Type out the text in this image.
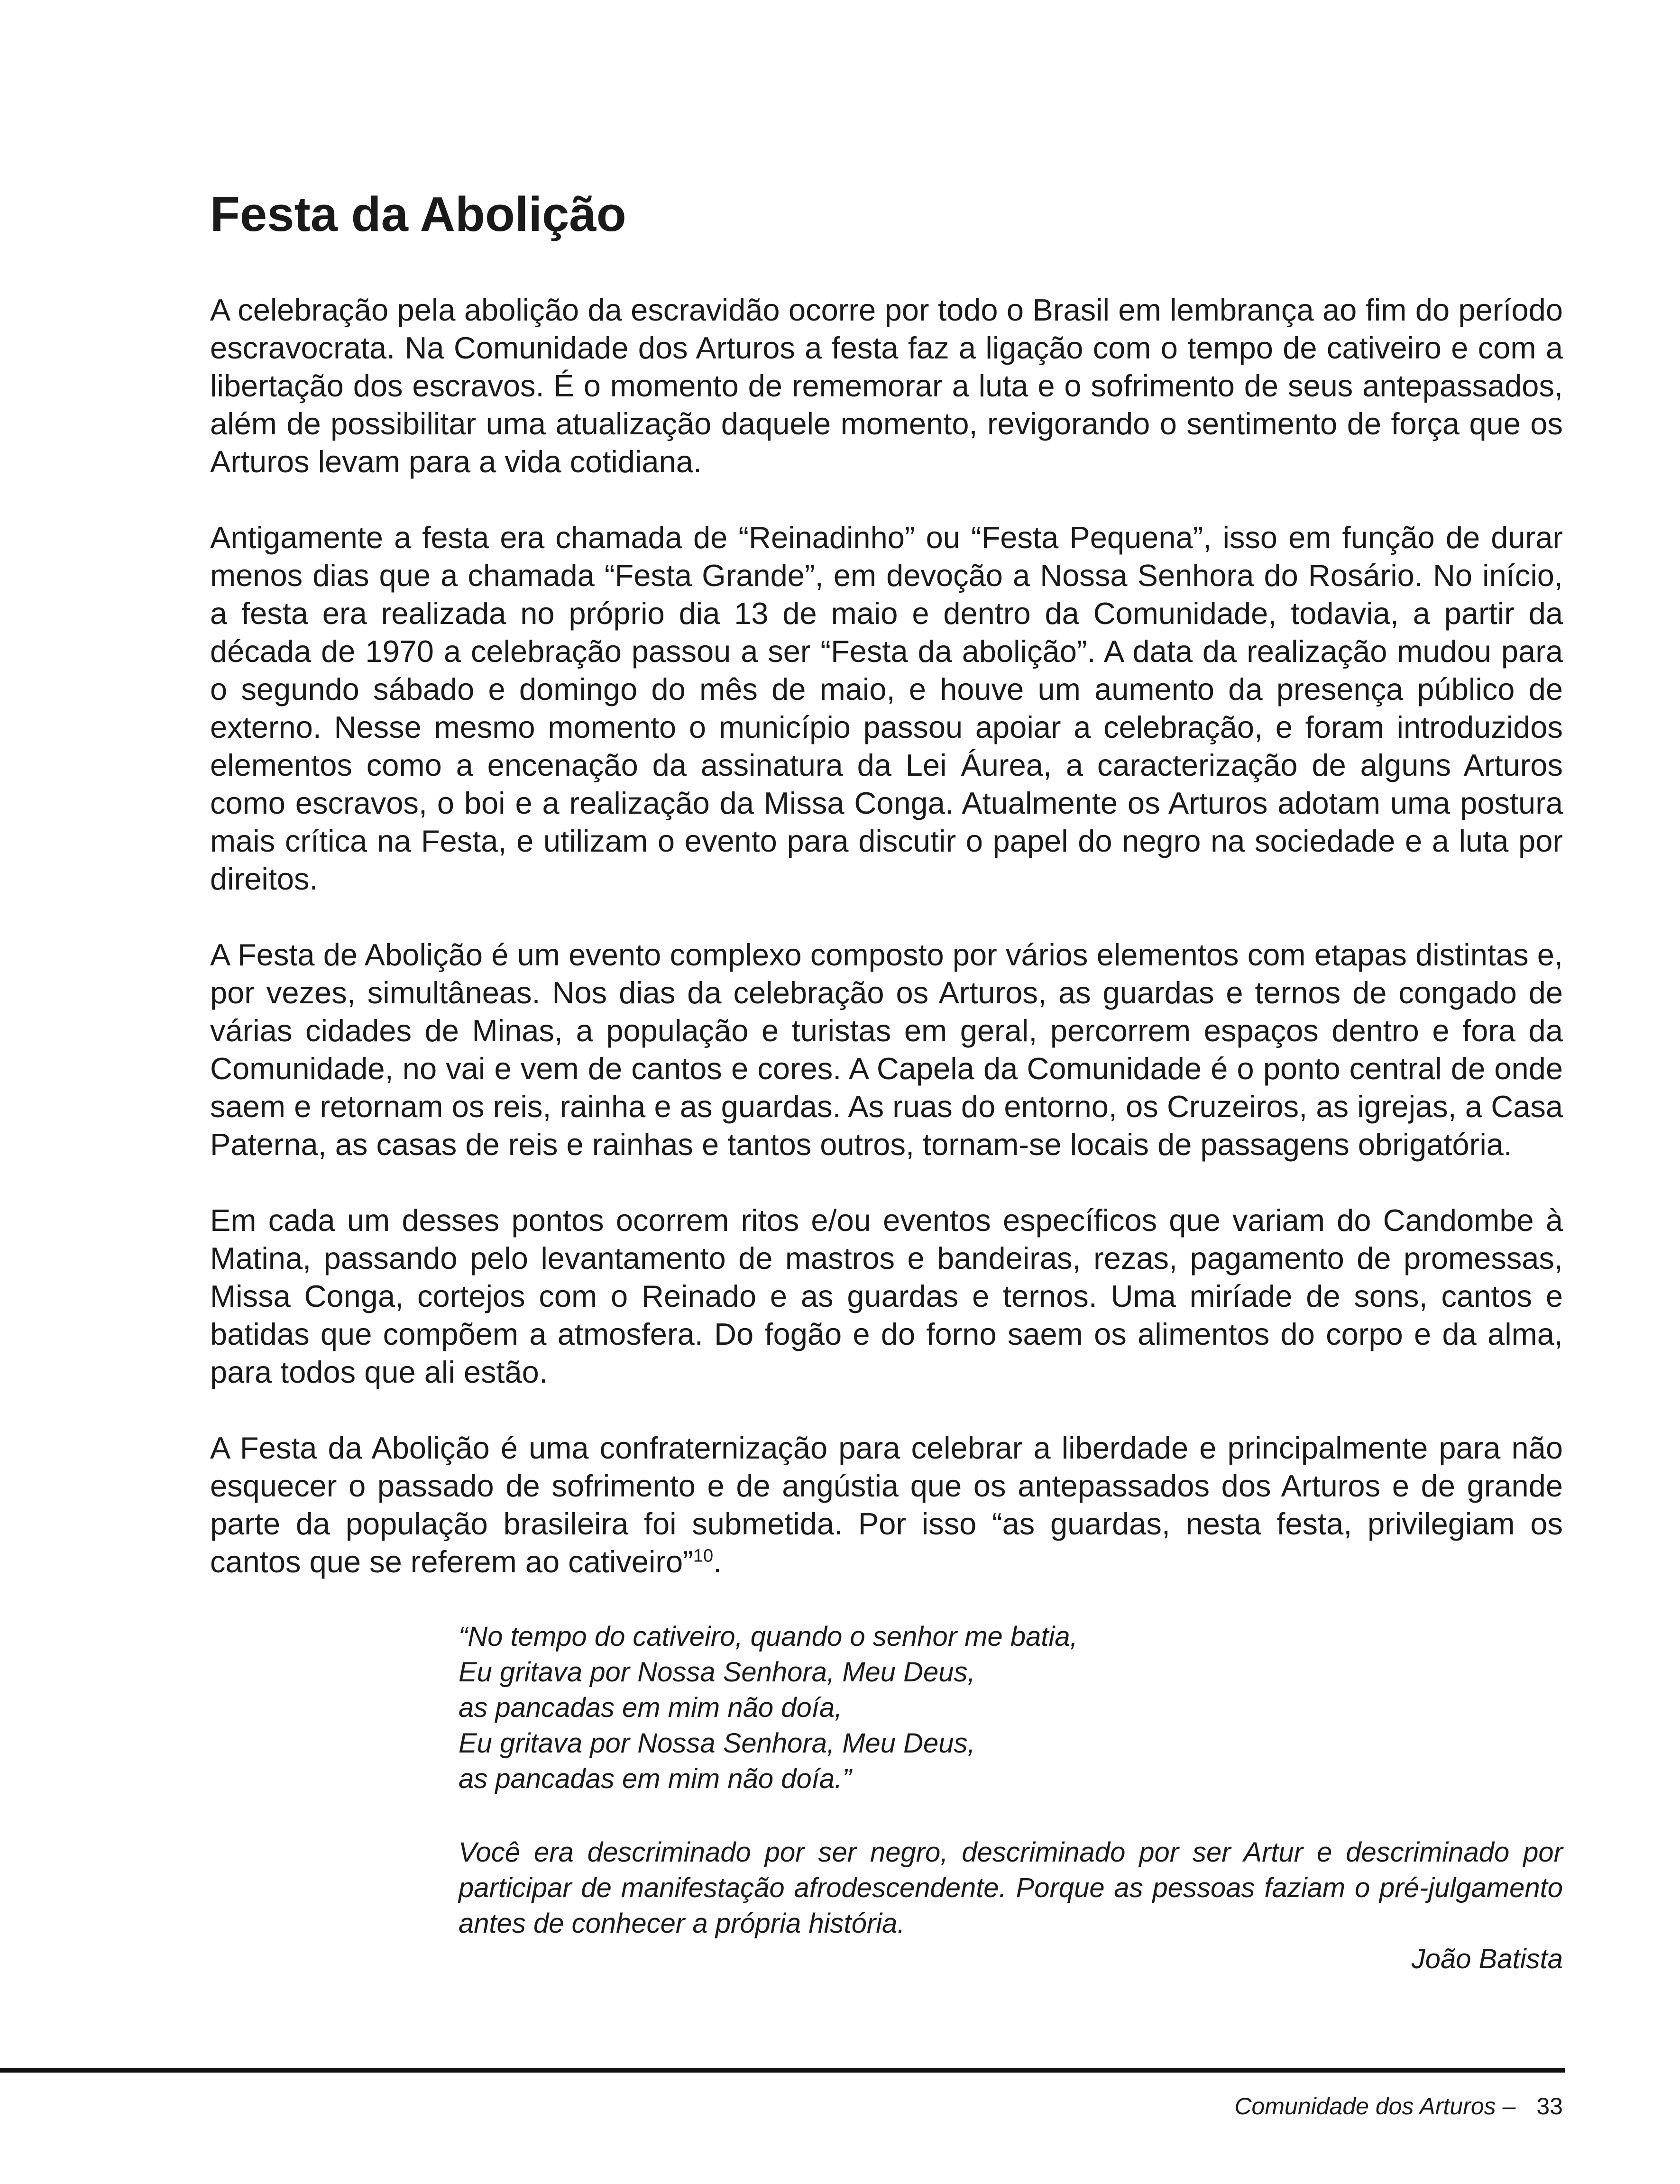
Festa da Abolição

A celebração pela abolição da escravidão ocorre por todo o Brasil em lembrança ao fim do período escravocrata. Na Comunidade dos Arturos a festa faz a ligação com o tempo de cativeiro e com a libertação dos escravos. É o momento de rememorar a luta e o sofrimento de seus antepassados, além de possibilitar uma atualização daquele momento, revigorando o sentimento de força que os Arturos levam para a vida cotidiana.

Antigamente a festa era chamada de “Reinadinho” ou “Festa Pequena”, isso em função de durar menos dias que a chamada “Festa Grande”, em devoção a Nossa Senhora do Rosário. No início, a festa era realizada no próprio dia 13 de maio e dentro da Comunidade, todavia, a partir da década de 1970 a celebração passou a ser “Festa da abolição”. A data da realização mudou para o segundo sábado e domingo do mês de maio, e houve um aumento da presença público de externo. Nesse mesmo momento o município passou apoiar a celebração, e foram introduzidos elementos como a encenação da assinatura da Lei Áurea, a caracterização de alguns Arturos como escravos, o boi e a realização da Missa Conga. Atualmente os Arturos adotam uma postura mais crítica na Festa, e utilizam o evento para discutir o papel do negro na sociedade e a luta por direitos.

A Festa de Abolição é um evento complexo composto por vários elementos com etapas distintas e, por vezes, simultâneas. Nos dias da celebração os Arturos, as guardas e ternos de congado de várias cidades de Minas, a população e turistas em geral, percorrem espaços dentro e fora da Comunidade, no vai e vem de cantos e cores. A Capela da Comunidade é o ponto central de onde saem e retornam os reis, rainha e as guardas. As ruas do entorno, os Cruzeiros, as igrejas, a Casa Paterna, as casas de reis e rainhas e tantos outros, tornam-se locais de passagens obrigatória.

Em cada um desses pontos ocorrem ritos e/ou eventos específicos que variam do Candombe à Matina, passando pelo levantamento de mastros e bandeiras, rezas, pagamento de promessas, Missa Conga, cortejos com o Reinado e as guardas e ternos. Uma miríade de sons, cantos e batidas que compõem a atmosfera. Do fogão e do forno saem os alimentos do corpo e da alma, para todos que ali estão.

A Festa da Abolição é uma confraternização para celebrar a liberdade e principalmente para não esquecer o passado de sofrimento e de angústia que os antepassados dos Arturos e de grande parte da população brasileira foi submetida. Por isso “as guardas, nesta festa, privilegiam os cantos que se referem ao cativeiro”$^{10}$.

“No tempo do cativeiro, quando o senhor me batia,

Eu gritava por Nossa Senhora, Meu Deus,

as pancadas em mim não doía,

Eu gritava por Nossa Senhora, Meu Deus,

as pancadas em mim não doía.”

Você era descriminado por ser negro, descriminado por ser Artur e descriminado por participar de manifestação afrodescendente. Porque as pessoas faziam o pré-julgamento antes de conhecer a própria história.

João Batista

Comunidade dos Arturos – 33
